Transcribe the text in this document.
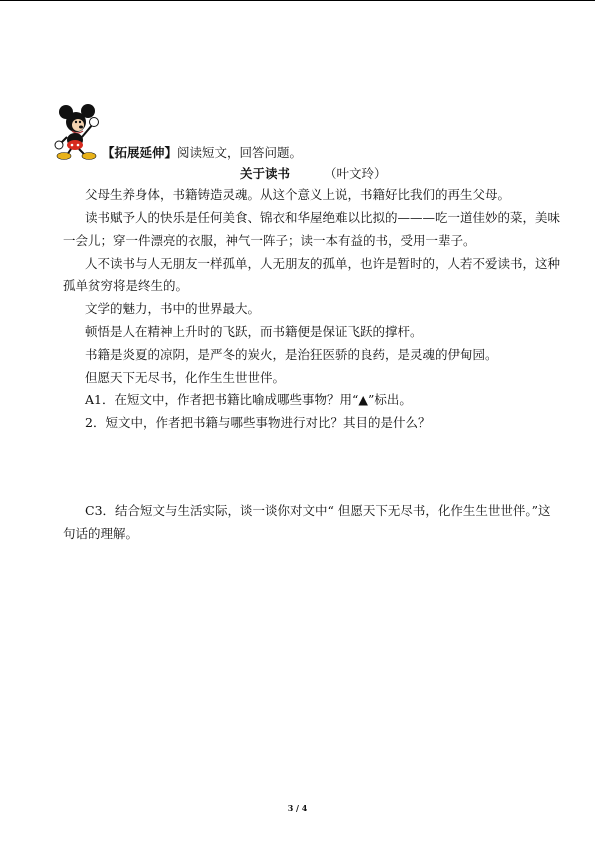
【拓展延伸】阅读短文，回答问题。
关于读书	（叶文玲）
父母生养身体，书籍铸造灵魂。从这个意义上说，书籍好比我们的再生父母。
读书赋予人的快乐是任何美食、锦衣和华屋绝难以比拟的———吃一道佳妙的菜，美味
一会儿；穿一件漂亮的衣服，神气一阵子；读一本有益的书，受用一辈子。
人不读书与人无朋友一样孤单，人无朋友的孤单，也许是暂时的，人若不爱读书，这种
孤单贫穷将是终生的。
文学的魅力，书中的世界最大。
顿悟是人在精神上升时的飞跃，而书籍便是保证飞跃的撑杆。
书籍是炎夏的凉阴，是严冬的炭火，是治狂医骄的良药，是灵魂的伊甸园。
但愿天下无尽书，化作生生世世伴。
A1．在短文中，作者把书籍比喻成哪些事物？用“▲”标出。
2．短文中，作者把书籍与哪些事物进行对比？其目的是什么？
C3．结合短文与生活实际，谈一谈你对文中“ 但愿天下无尽书，化作生生世世伴。”这
句话的理解。
3 / 4
